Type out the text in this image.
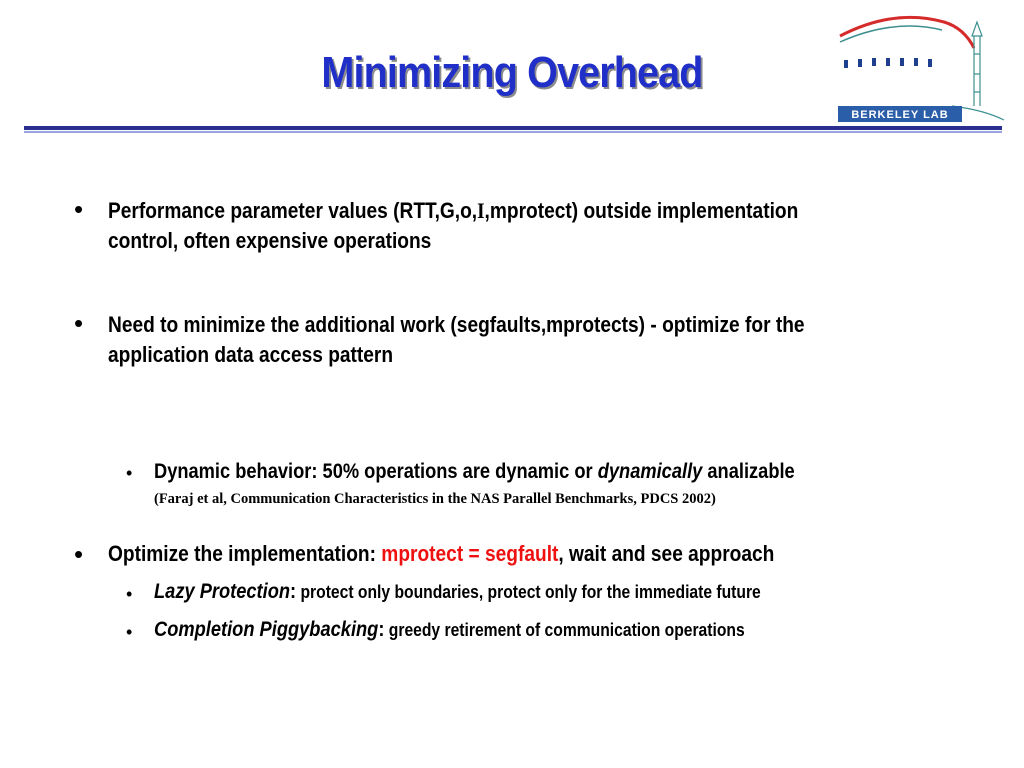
Minimizing Overhead
BERKELEY LAB
• Performance parameter values (RTT,G,o,I,mprotect) outside implementation
control, often expensive operations
• Need to minimize the additional work (segfaults,mprotects) - optimize for the
application data access pattern
• Dynamic behavior: 50% operations are dynamic or dynamically analizable
(Faraj et al, Communication Characteristics in the NAS Parallel Benchmarks, PDCS 2002)
• Optimize the implementation: mprotect = segfault, wait and see approach
• Lazy Protection: protect only boundaries, protect only for the immediate future
• Completion Piggybacking: greedy retirement of communication operations
